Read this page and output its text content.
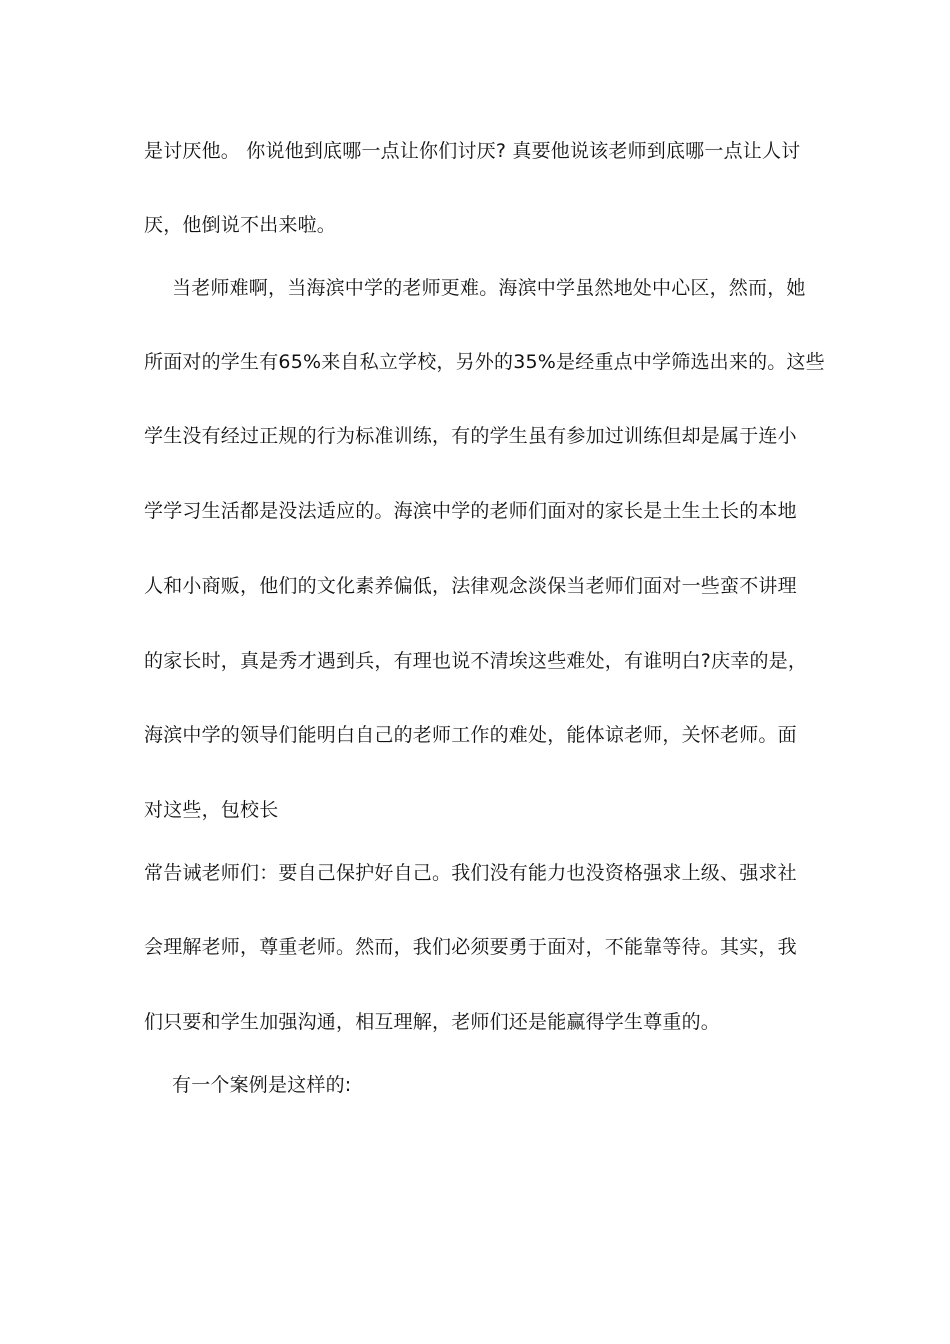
是讨厌他。 你说他到底哪一点让你们讨厌? 真要他说该老师到底哪一点让人讨
厌，他倒说不出来啦。
当老师难啊，当海滨中学的老师更难。海滨中学虽然地处中心区，然而，她
所面对的学生有65%来自私立学校，另外的35%是经重点中学筛选出来的。这些
学生没有经过正规的行为标准训练，有的学生虽有参加过训练但却是属于连小
学学习生活都是没法适应的。海滨中学的老师们面对的家长是土生土长的本地
人和小商贩，他们的文化素养偏低，法律观念淡保当老师们面对一些蛮不讲理
的家长时，真是秀才遇到兵，有理也说不清埃这些难处，有谁明白?庆幸的是，
海滨中学的领导们能明白自己的老师工作的难处，能体谅老师，关怀老师。面
对这些，包校长
常告诫老师们：要自己保护好自己。我们没有能力也没资格强求上级、强求社
会理解老师，尊重老师。然而，我们必须要勇于面对，不能靠等待。其实，我
们只要和学生加强沟通，相互理解，老师们还是能赢得学生尊重的。
有一个案例是这样的:
